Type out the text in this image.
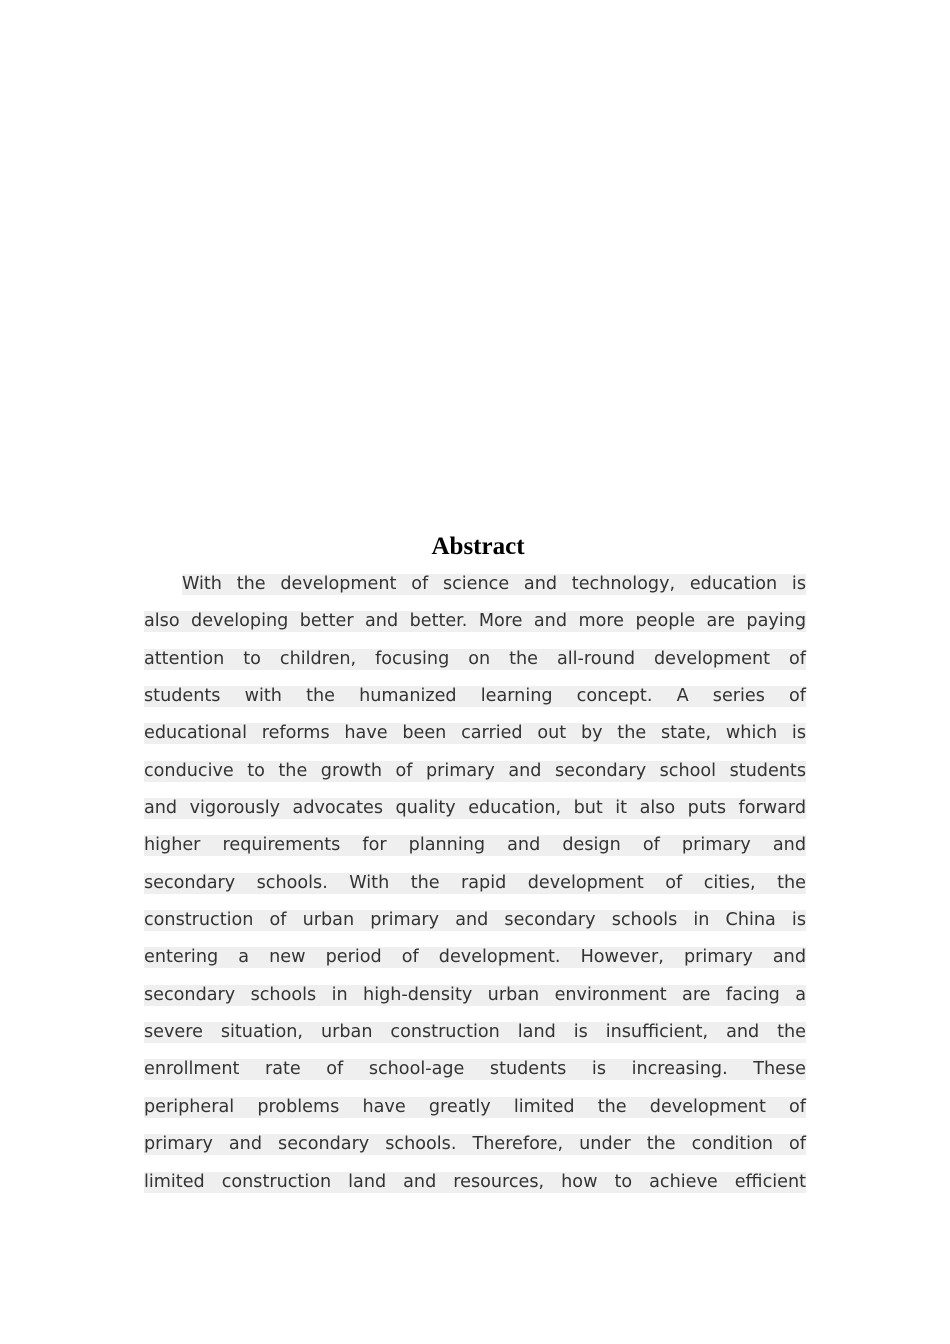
Abstract
With the development of science and technology, education is
also developing better and better. More and more people are paying
attention to children, focusing on the all-round development of
students with the humanized learning concept. A series of
educational reforms have been carried out by the state, which is
conducive to the growth of primary and secondary school students
and vigorously advocates quality education, but it also puts forward
higher requirements for planning and design of primary and
secondary schools. With the rapid development of cities, the
construction of urban primary and secondary schools in China is
entering a new period of development. However, primary and
secondary schools in high-density urban environment are facing a
severe situation, urban construction land is insufficient, and the
enrollment rate of school-age students is increasing. These
peripheral problems have greatly limited the development of
primary and secondary schools. Therefore, under the condition of
limited construction land and resources, how to achieve efficient
